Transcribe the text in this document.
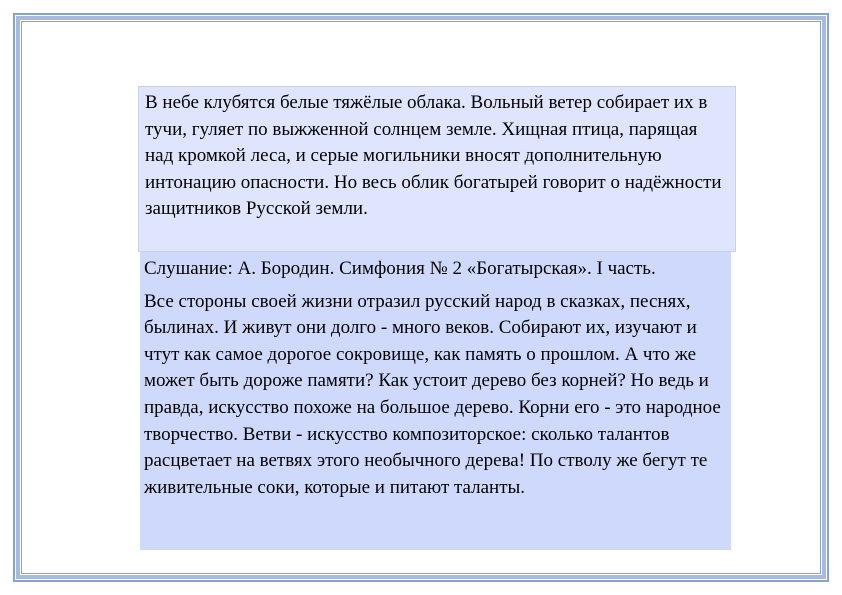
В небе клубятся белые тяжёлые облака. Вольный ветер собирает их в тучи, гуляет по выжженной солнцем земле. Хищная птица, парящая над кромкой леса, и серые могильники вносят дополнительную интонацию опасности. Но весь облик богатырей говорит о надёжности защитников Русской земли.

Слушание: А. Бородин. Симфония № 2 «Богатырская». I часть.

Все стороны своей жизни отразил русский народ в сказках, песнях, былинах. И живут они долго - много веков. Собирают их, изучают и чтут как самое дорогое сокровище, как память о прошлом. А что же может быть дороже памяти? Как устоит дерево без корней? Но ведь и правда, искусство похоже на большое дерево. Корни его - это народное творчество. Ветви - искусство композиторское: сколько талантов расцветает на ветвях этого необычного дерева! По стволу же бегут те живительные соки, которые и питают таланты.
